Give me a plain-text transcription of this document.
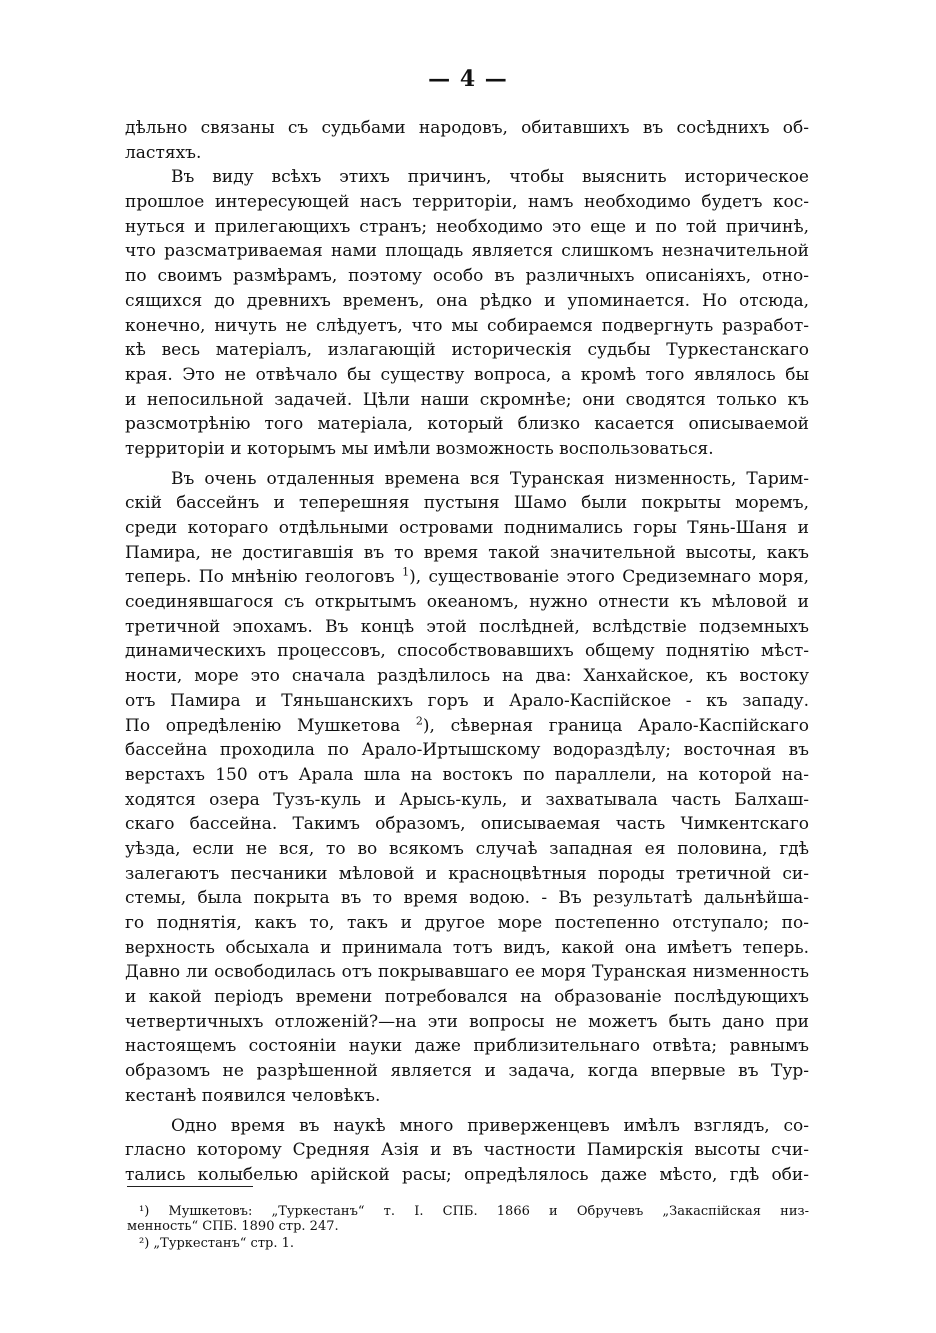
— 4 —
дѣльно связаны съ судьбами народовъ, обитавшихъ въ сосѣднихъ об-
ластяхъ.
Въ виду всѣхъ этихъ причинъ, чтобы выяснить историческое
прошлое интересующей насъ территоріи, намъ необходимо будетъ кос-
нуться и прилегающихъ странъ; необходимо это еще и по той причинѣ,
что разсматриваемая нами площадь является слишкомъ незначительной
по своимъ размѣрамъ, поэтому особо въ различныхъ описаніяхъ, отно-
сящихся до древнихъ временъ, она рѣдко и упоминается. Но отсюда,
конечно, ничуть не слѣдуетъ, что мы собираемся подвергнуть разработ-
кѣ весь матеріалъ, излагающій историческія судьбы Туркестанскаго
края. Это не отвѣчало бы существу вопроса, а кромѣ того являлось бы
и непосильной задачей. Цѣли наши скромнѣе; они сводятся только къ
разсмотрѣнію того матеріала, который близко касается описываемой
территоріи и которымъ мы имѣли возможность воспользоваться.
Въ очень отдаленныя времена вся Туранская низменность, Тарим-
скій бассейнъ и теперешняя пустыня Шамо были покрыты моремъ,
среди котораго отдѣльными островами поднимались горы Тянь-Шаня и
Памира, не достигавшія въ то время такой значительной высоты, какъ
теперь. По мнѣнію геологовъ $^1$), существованіе этого Средиземнаго моря,
соединявшагося съ открытымъ океаномъ, нужно отнести къ мѣловой и
третичной эпохамъ. Въ концѣ этой послѣдней, вслѣдствіе подземныхъ
динамическихъ процессовъ, способствовавшихъ общему поднятію мѣст-
ности, море это сначала раздѣлилось на два: Ханхайское, къ востоку
отъ Памира и Тяньшанскихъ горъ и Арало-Каспійское - къ западу.
По опредѣленію Мушкетова $^2$), сѣверная граница Арало-Каспійскаго
бассейна проходила по Арало-Иртышскому водораздѣлу; восточная въ
верстахъ 150 отъ Арала шла на востокъ по параллели, на которой на-
ходятся озера Тузъ-куль и Арысь-куль, и захватывала часть Балхаш-
скаго бассейна. Такимъ образомъ, описываемая часть Чимкентскаго
уѣзда, если не вся, то во всякомъ случаѣ западная ея половина, гдѣ
залегаютъ песчаники мѣловой и красноцвѣтныя породы третичной си-
стемы, была покрыта въ то время водою. - Въ результатѣ дальнѣйша-
го поднятія, какъ то, такъ и другое море постепенно отступало; по-
верхность обсыхала и принимала тотъ видъ, какой она имѣетъ теперь.
Давно ли освободилась отъ покрывавшаго ее моря Туранская низменность
и какой періодъ времени потребовался на образованіе послѣдующихъ
четвертичныхъ отложеній?—на эти вопросы не можетъ быть дано при
настоящемъ состояніи науки даже приблизительнаго отвѣта; равнымъ
образомъ не разрѣшенной является и задача, когда впервые въ Тур-
кестанѣ появился человѣкъ.
Одно время въ наукѣ много приверженцевъ имѣлъ взглядъ, со-
гласно которому Средняя Азія и въ частности Памирскія высоты счи-
тались колыбелью арійской расы; опредѣлялось даже мѣсто, гдѣ оби-
¹) Мушкетовъ: „Туркестанъ“ т. I. СПБ. 1866 и Обручевъ „Закаспійская низ-
менность“ СПБ. 1890 стр. 247.
²) „Туркестанъ“ стр. 1.
